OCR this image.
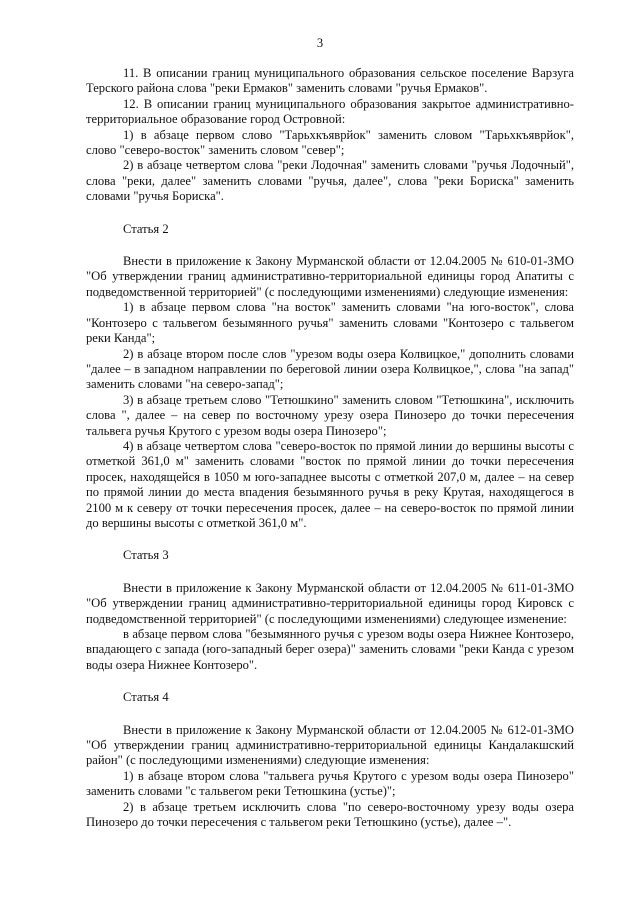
3

11. В описании границ муниципального образования сельское поселение Варзуга Терского района слова "реки Ермаков" заменить словами "ручья Ермаков".

12. В описании границ муниципального образования закрытое административно-территориальное образование город Островной:

1) в абзаце первом слово "Тарьхкъяврйок" заменить словом "Тарьхкъяврйок", слово "северо-восток" заменить словом "север";

2) в абзаце четвертом слова "реки Лодочная" заменить словами "ручья Лодочный", слова "реки, далее" заменить словами "ручья, далее", слова "реки Бориска" заменить словами "ручья Бориска".

Статья 2

Внести в приложение к Закону Мурманской области от 12.04.2005 № 610-01-ЗМО "Об утверждении границ административно-территориальной единицы город Апатиты с подведомственной территорией" (с последующими изменениями) следующие изменения:

1) в абзаце первом слова "на восток" заменить словами "на юго-восток", слова "Контозеро с тальвегом безымянного ручья" заменить словами "Контозеро с тальвегом реки Канда";

2) в абзаце втором после слов "урезом воды озера Колвицкое," дополнить словами "далее – в западном направлении по береговой линии озера Колвицкое,", слова "на запад" заменить словами "на северо-запад";

3) в абзаце третьем слово "Тетюшкино" заменить словом "Тетюшкина", исключить слова ", далее – на север по восточному урезу озера Пинозеро до точки пересечения тальвега ручья Крутого с урезом воды озера Пинозеро";

4) в абзаце четвертом слова "северо-восток по прямой линии до вершины высоты с отметкой 361,0 м" заменить словами "восток по прямой линии до точки пересечения просек, находящейся в 1050 м юго-западнее высоты с отметкой 207,0 м, далее – на север по прямой линии до места впадения безымянного ручья в реку Крутая, находящегося в 2100 м к северу от точки пересечения просек, далее – на северо-восток по прямой линии до вершины высоты с отметкой 361,0 м".

Статья 3

Внести в приложение к Закону Мурманской области от 12.04.2005 № 611-01-ЗМО "Об утверждении границ административно-территориальной единицы город Кировск с подведомственной территорией" (с последующими изменениями) следующее изменение:

в абзаце первом слова "безымянного ручья с урезом воды озера Нижнее Контозеро, впадающего с запада (юго-западный берег озера)" заменить словами "реки Канда с урезом воды озера Нижнее Контозеро".

Статья 4

Внести в приложение к Закону Мурманской области от 12.04.2005 № 612-01-ЗМО "Об утверждении границ административно-территориальной единицы Кандалакшский район" (с последующими изменениями) следующие изменения:

1) в абзаце втором слова "тальвега ручья Крутого с урезом воды озера Пинозеро" заменить словами "с тальвегом реки Тетюшкина (устье)";

2) в абзаце третьем исключить слова "по северо-восточному урезу воды озера Пинозеро до точки пересечения с тальвегом реки Тетюшкино (устье), далее –".
